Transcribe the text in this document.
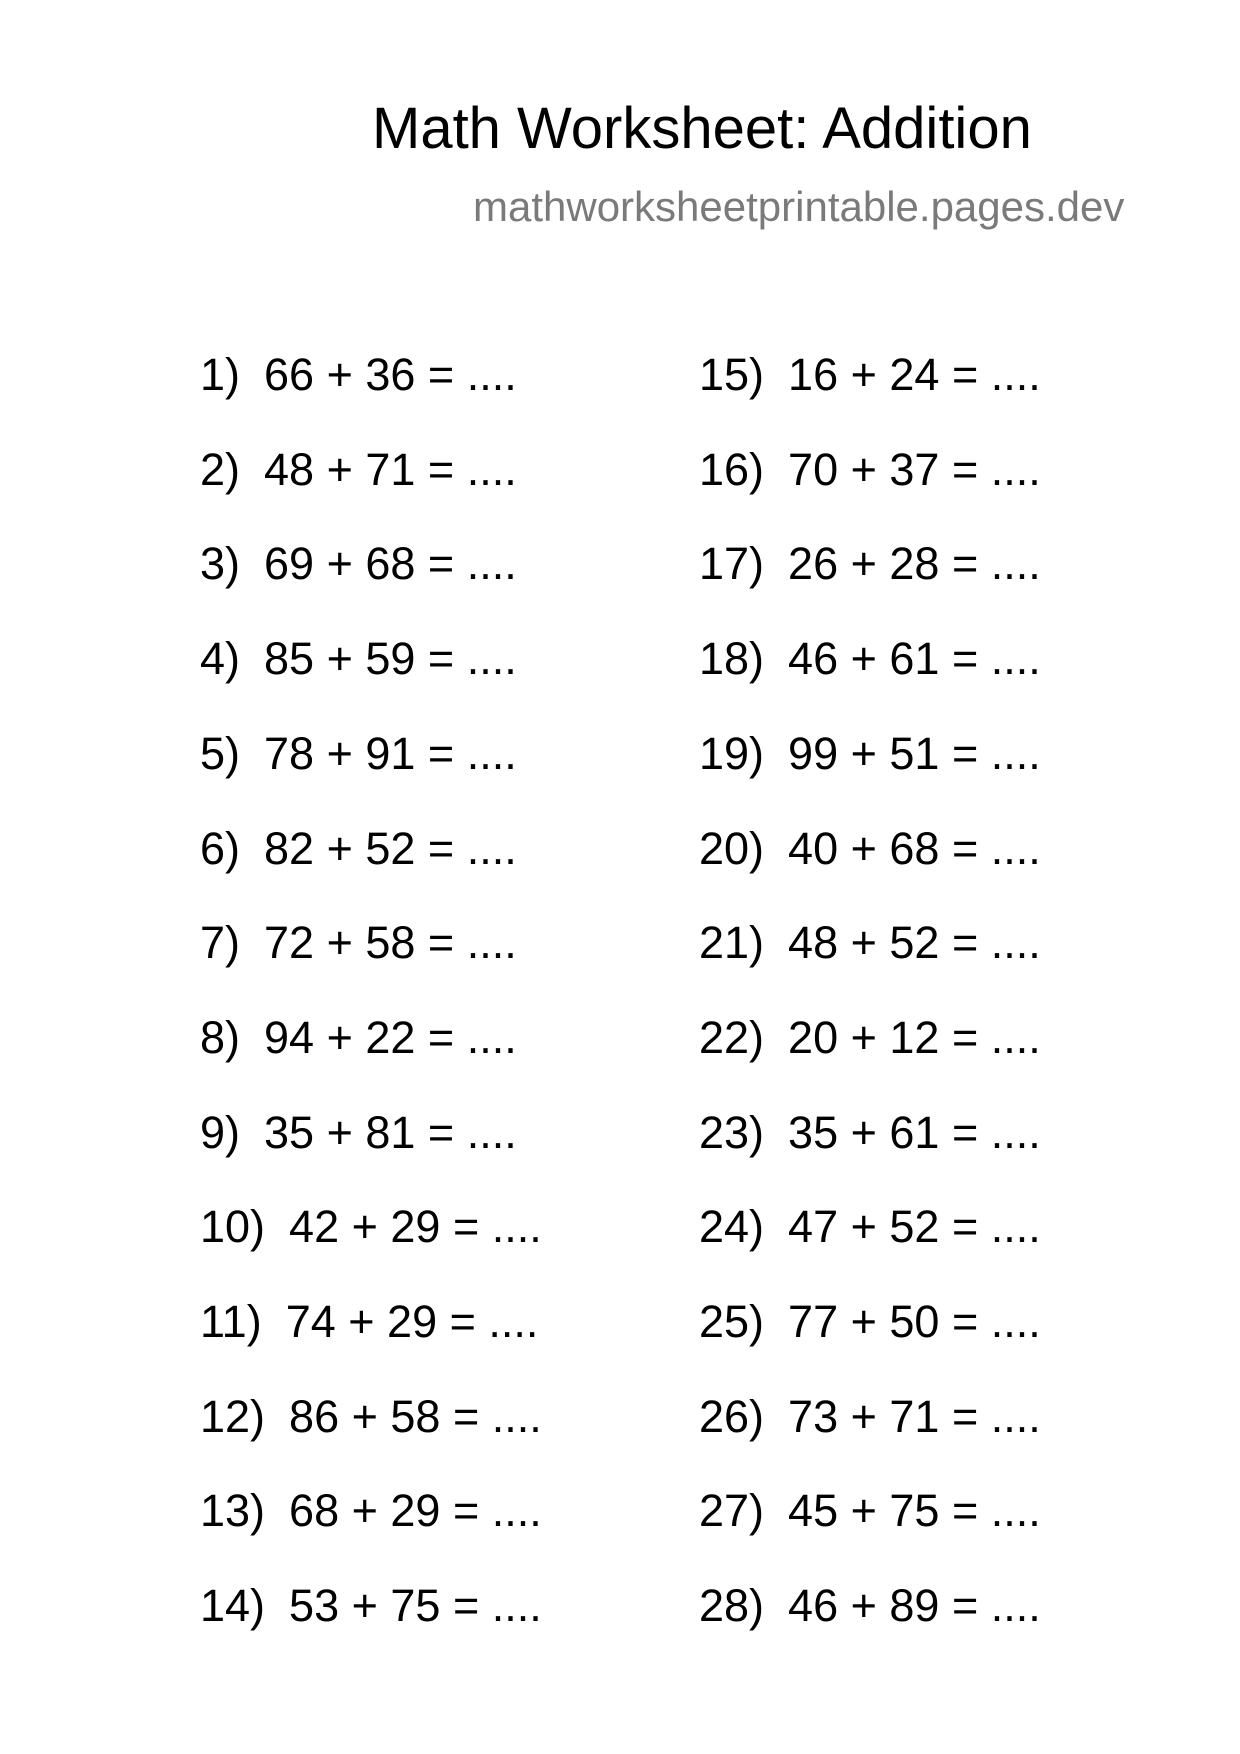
Math Worksheet: Addition
mathworksheetprintable.pages.dev
1) 66 + 36 = ....
2) 48 + 71 = ....
3) 69 + 68 = ....
4) 85 + 59 = ....
5) 78 + 91 = ....
6) 82 + 52 = ....
7) 72 + 58 = ....
8) 94 + 22 = ....
9) 35 + 81 = ....
10) 42 + 29 = ....
11) 74 + 29 = ....
12) 86 + 58 = ....
13) 68 + 29 = ....
14) 53 + 75 = ....
15) 16 + 24 = ....
16) 70 + 37 = ....
17) 26 + 28 = ....
18) 46 + 61 = ....
19) 99 + 51 = ....
20) 40 + 68 = ....
21) 48 + 52 = ....
22) 20 + 12 = ....
23) 35 + 61 = ....
24) 47 + 52 = ....
25) 77 + 50 = ....
26) 73 + 71 = ....
27) 45 + 75 = ....
28) 46 + 89 = ....
